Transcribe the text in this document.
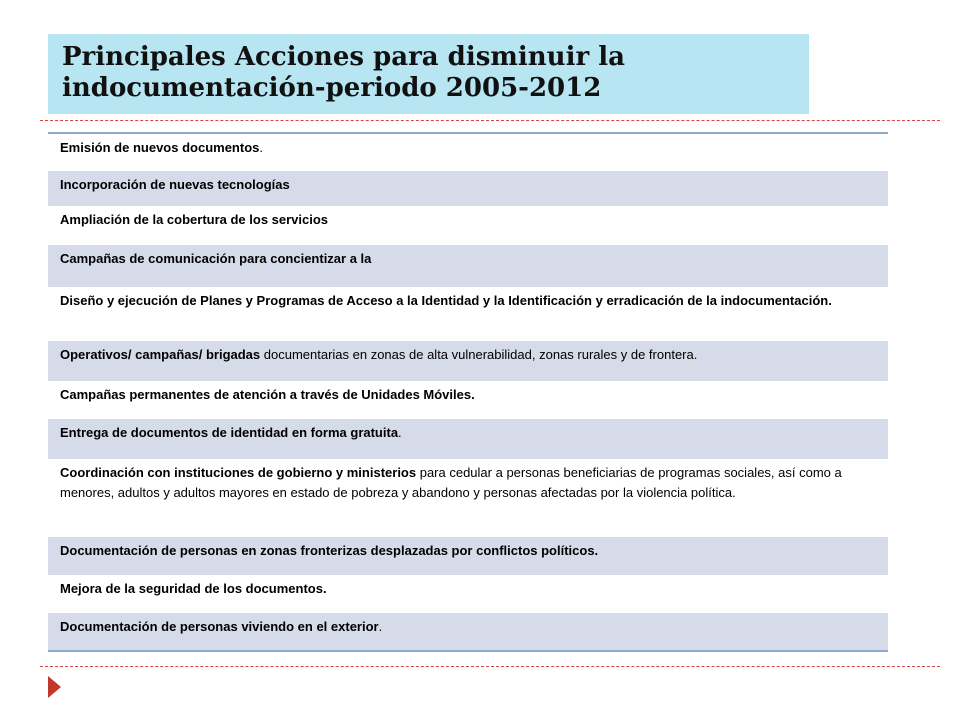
Principales Acciones para disminuir la
indocumentación-periodo 2005-2012
Emisión de nuevos documentos.
Incorporación de nuevas tecnologías
Ampliación de la cobertura de los servicios
Campañas de comunicación para concientizar a la
Diseño y ejecución de Planes y Programas de Acceso a la Identidad y la Identificación y erradicación de la indocumentación.
Operativos/ campañas/ brigadas documentarias en zonas de alta vulnerabilidad, zonas rurales y de frontera.
Campañas permanentes de atención a través de Unidades Móviles.
Entrega de documentos de identidad en forma gratuita.
Coordinación con instituciones de gobierno y ministerios para cedular a personas beneficiarias de programas sociales, así como a menores, adultos y adultos mayores en estado de pobreza y abandono y personas afectadas por la violencia política.
Documentación de personas en zonas fronterizas desplazadas por conflictos políticos.
Mejora de la seguridad de los documentos.
Documentación de personas viviendo en el exterior.
